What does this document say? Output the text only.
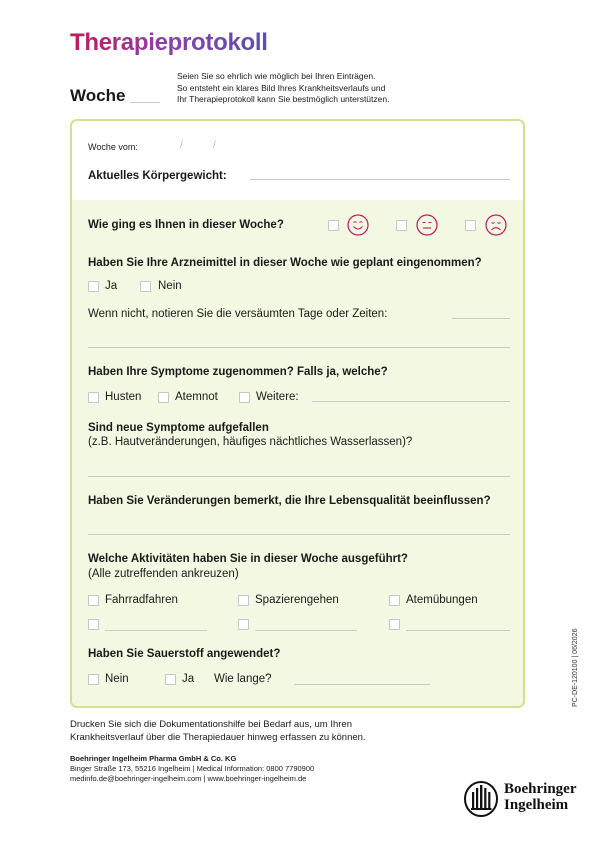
Therapieprotokoll
Woche
Seien Sie so ehrlich wie möglich bei Ihren Einträgen.
So entsteht ein klares Bild Ihres Krankheitsverlaufs und
Ihr Therapieprotokoll kann Sie bestmöglich unterstützen.
Woche vom:	/	/
Aktuelles Körpergewicht:
Wie ging es Ihnen in dieser Woche?
Haben Sie Ihre Arzneimittel in dieser Woche wie geplant eingenommen?
Ja	Nein
Wenn nicht, notieren Sie die versäumten Tage oder Zeiten:
Haben Ihre Symptome zugenommen? Falls ja, welche?
Husten	Atemnot	Weitere:
Sind neue Symptome aufgefallen
(z.B. Hautveränderungen, häufiges nächtliches Wasserlassen)?
Haben Sie Veränderungen bemerkt, die Ihre Lebensqualität beeinflussen?
Welche Aktivitäten haben Sie in dieser Woche ausgeführt?
(Alle zutreffenden ankreuzen)
Fahrradfahren	Spazierengehen	Atemübungen
Haben Sie Sauerstoff angewendet?
Nein	Ja Wie lange?
Drucken Sie sich die Dokumentationshilfe bei Bedarf aus, um Ihren
Krankheitsverlauf über die Therapiedauer hinweg erfassen zu können.
Boehringer Ingelheim Pharma GmbH & Co. KG
Binger Straße 173, 55216 Ingelheim | Medical Information: 0800 7790900
medinfo.de@boehringer-ingelheim.com | www.boehringer-ingelheim.de
PC-DE-120100 | 06/2026
Boehringer
Ingelheim
